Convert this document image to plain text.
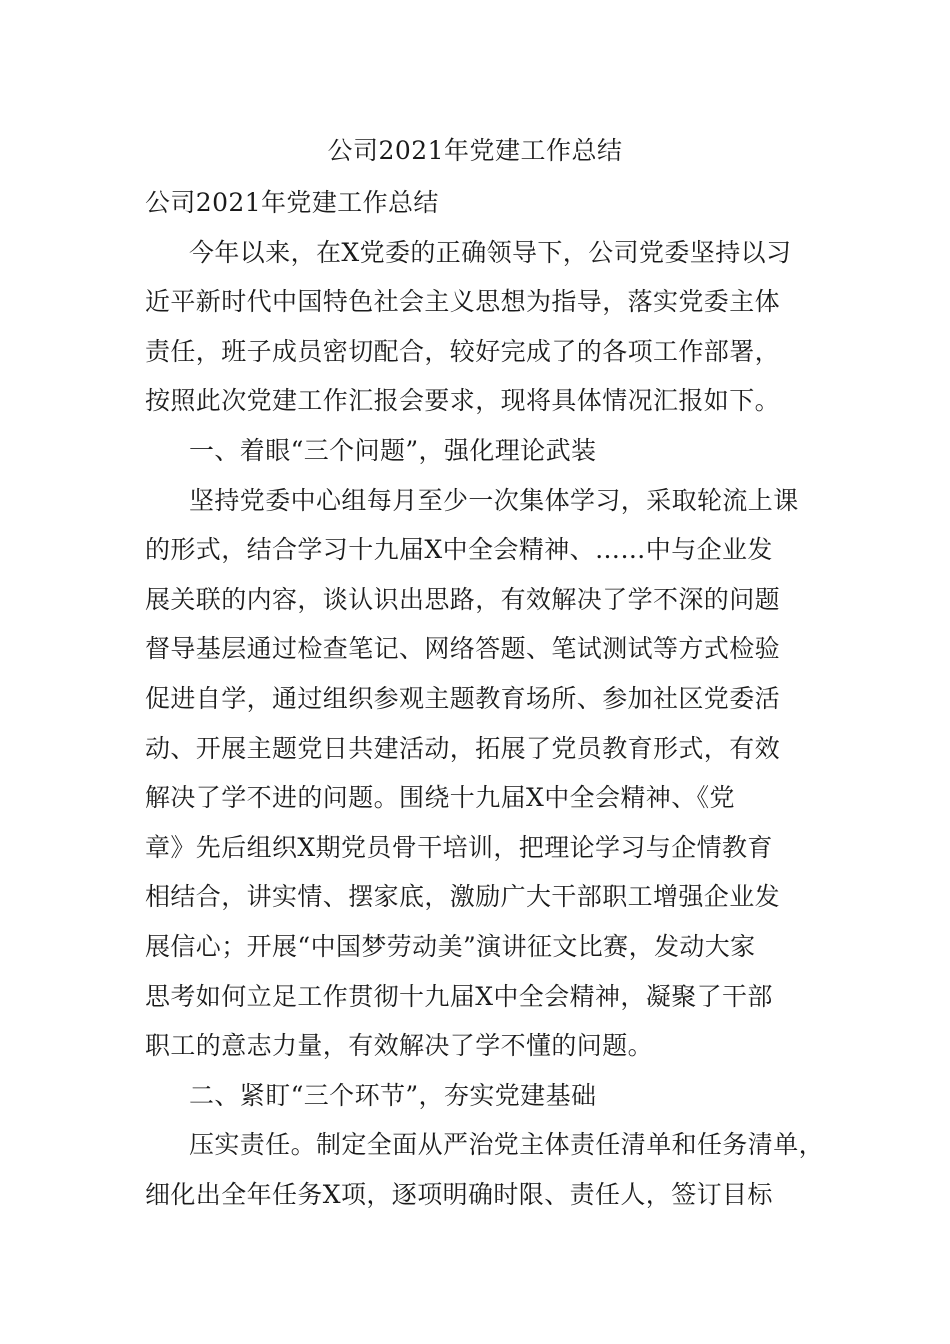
公司2021年党建工作总结
公司2021年党建工作总结
今年以来，在X党委的正确领导下，公司党委坚持以习
近平新时代中国特色社会主义思想为指导，落实党委主体
责任，班子成员密切配合，较好完成了的各项工作部署，
按照此次党建工作汇报会要求，现将具体情况汇报如下。
一、着眼“三个问题”，强化理论武装
坚持党委中心组每月至少一次集体学习，采取轮流上课
的形式，结合学习十九届X中全会精神、……中与企业发
展关联的内容，谈认识出思路，有效解决了学不深的问题
督导基层通过检查笔记、网络答题、笔试测试等方式检验
促进自学，通过组织参观主题教育场所、参加社区党委活
动、开展主题党日共建活动，拓展了党员教育形式，有效
解决了学不进的问题。围绕十九届X中全会精神、《党
章》先后组织X期党员骨干培训，把理论学习与企情教育
相结合，讲实情、摆家底，激励广大干部职工增强企业发
展信心；开展“中国梦劳动美”演讲征文比赛，发动大家
思考如何立足工作贯彻十九届X中全会精神，凝聚了干部
职工的意志力量，有效解决了学不懂的问题。
二、紧盯“三个环节”，夯实党建基础
压实责任。制定全面从严治党主体责任清单和任务清单，
细化出全年任务X项，逐项明确时限、责任人，签订目标
